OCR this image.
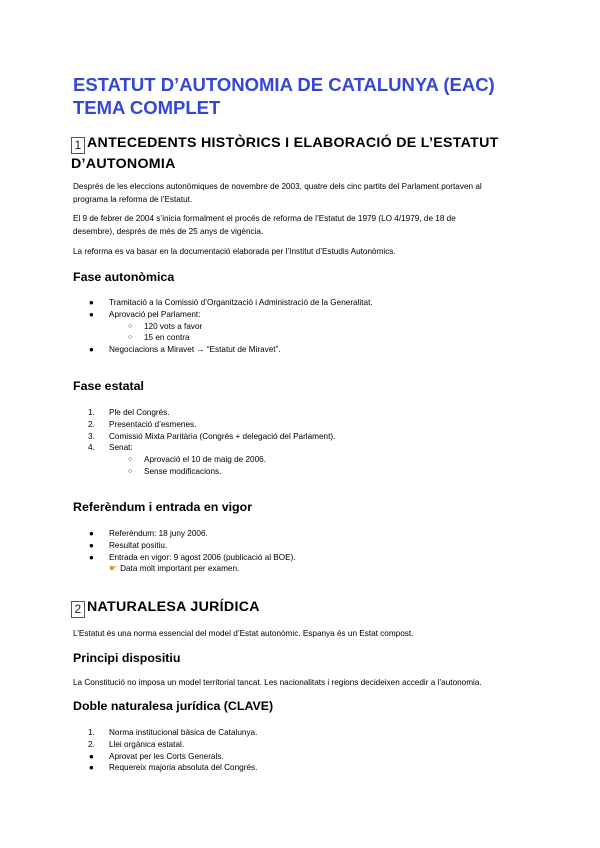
ESTATUT D’AUTONOMIA DE CATALUNYA (EAC)
TEMA COMPLET
1 ANTECEDENTS HISTÒRICS I ELABORACIÓ DE L’ESTATUT
D’AUTONOMIA
Després de les eleccions autonòmiques de novembre de 2003, quatre dels cinc partits del Parlament portaven al
programa la reforma de l’Estatut.
El 9 de febrer de 2004 s’inicia formalment el procés de reforma de l’Estatut de 1979 (LO 4/1979, de 18 de
desembre), després de més de 25 anys de vigència.
La reforma es va basar en la documentació elaborada per l’Institut d’Estudis Autonòmics.
Fase autonòmica
● Tramitació a la Comissió d’Organització i Administració de la Generalitat.
● Aprovació pel Parlament:
○ 120 vots a favor
○ 15 en contra
● Negociacions a Miravet → “Estatut de Miravet”.
Fase estatal
1. Ple del Congrés.
2. Presentació d’esmenes.
3. Comissió Mixta Paritària (Congrés + delegació del Parlament).
4. Senat:
○ Aprovació el 10 de maig de 2006.
○ Sense modificacions.
Referèndum i entrada en vigor
● Referèndum: 18 juny 2006.
● Resultat positiu.
● Entrada en vigor: 9 agost 2006 (publicació al BOE).
☛ Data molt important per examen.
2 NATURALESA JURÍDICA
L’Estatut és una norma essencial del model d’Estat autonòmic. Espanya és un Estat compost.
Principi dispositiu
La Constitució no imposa un model territorial tancat. Les nacionalitats i regions decideixen accedir a l’autonomia.
Doble naturalesa jurídica (CLAVE)
1. Norma institucional bàsica de Catalunya.
2. Llei orgànica estatal.
● Aprovat per les Corts Generals.
● Requereix majoria absoluta del Congrés.
